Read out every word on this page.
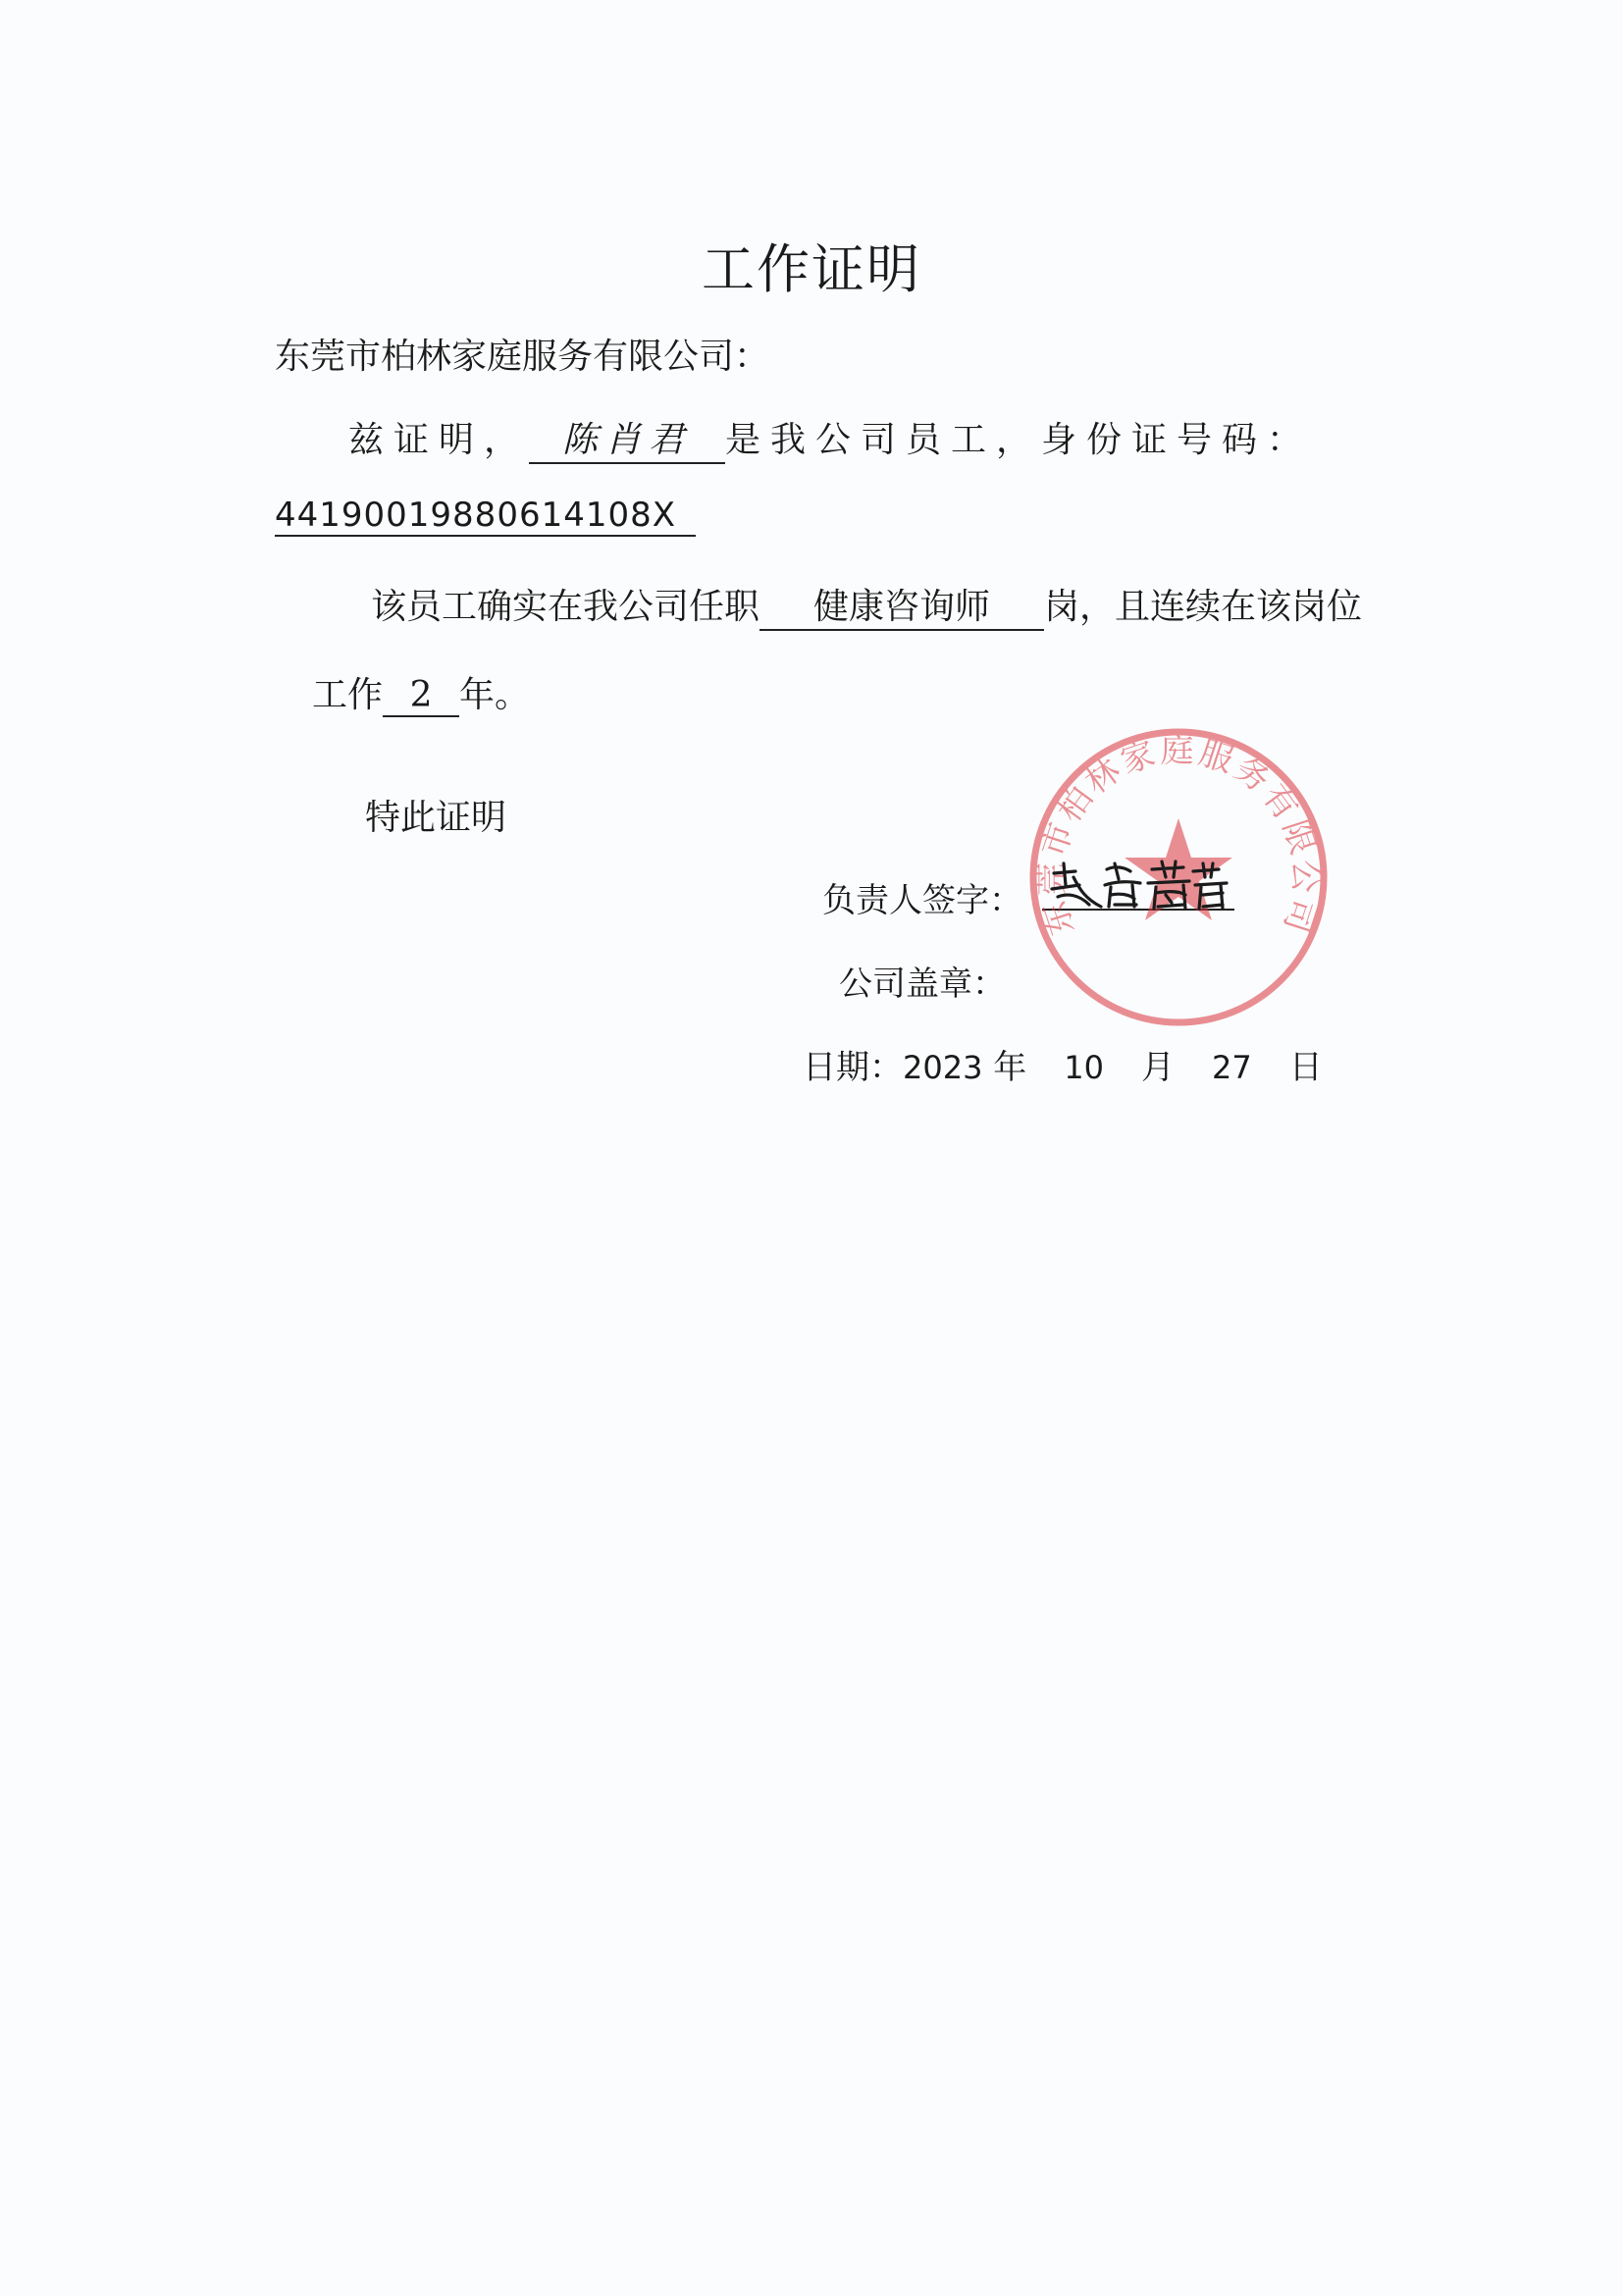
工作证明
东莞市柏林家庭服务有限公司：
兹证明， 陈肖君 是我公司员工，身份证号码：
44190019880614108X
该员工确实在我公司任职 健康咨询师 岗，且连续在该岗位
工作 2 年。
特此证明
负责人签字：
公司盖章：
日期：2023 年 10 月 27 日
东莞市柏林家庭服务有限公司
